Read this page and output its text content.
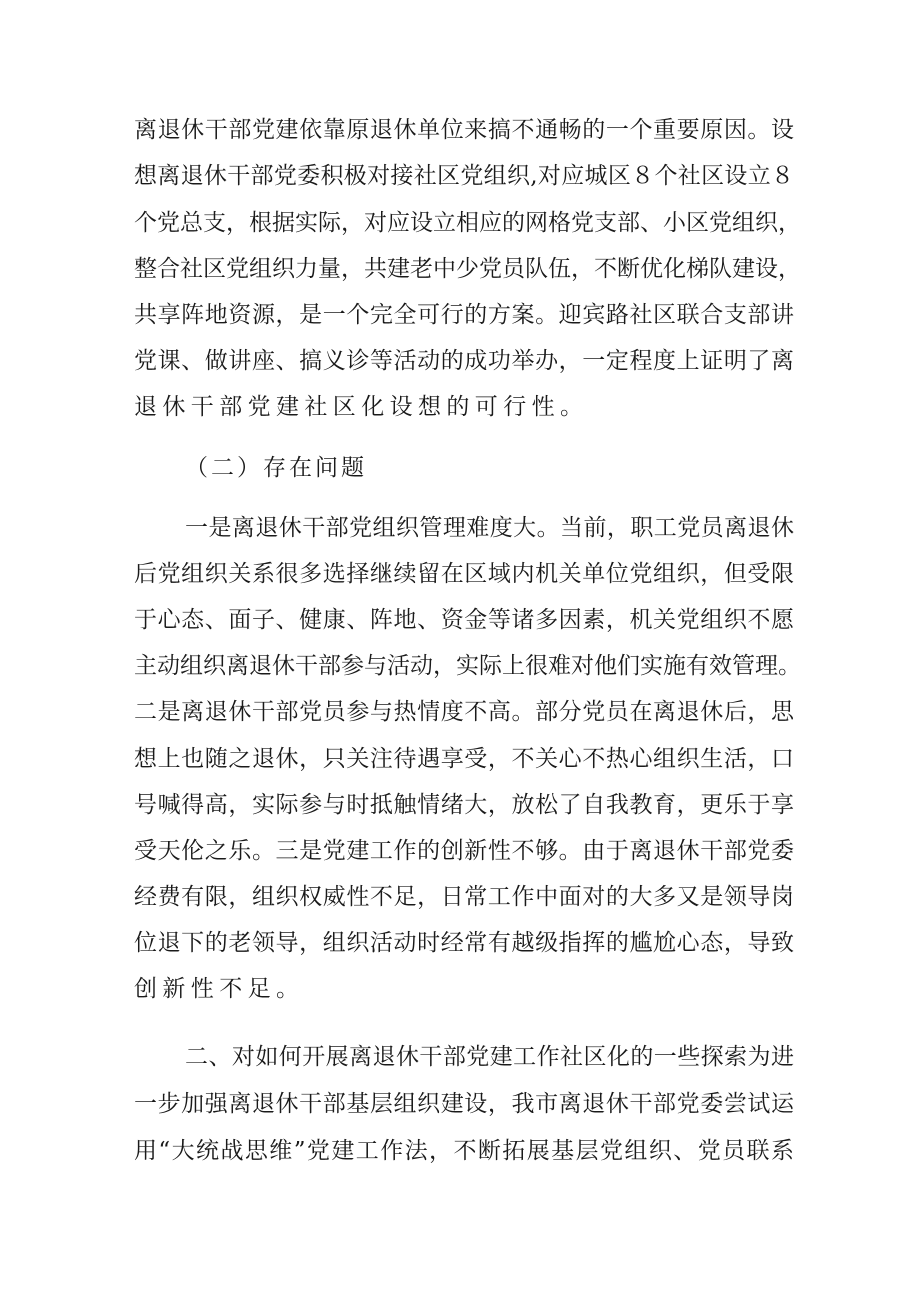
离退休干部党建依靠原退休单位来搞不通畅的一个重要原因。设
想离退休干部党委积极对接社区党组织,对应城区８个社区设立８
个党总支，根据实际，对应设立相应的网格党支部、小区党组织，
整合社区党组织力量，共建老中少党员队伍，不断优化梯队建设，
共享阵地资源，是一个完全可行的方案。迎宾路社区联合支部讲
党课、做讲座、搞义诊等活动的成功举办，一定程度上证明了离
退休干部党建社区化设想的可行性。
（二）存在问题
一是离退休干部党组织管理难度大。当前，职工党员离退休
后党组织关系很多选择继续留在区域内机关单位党组织，但受限
于心态、面子、健康、阵地、资金等诸多因素，机关党组织不愿
主动组织离退休干部参与活动，实际上很难对他们实施有效管理。
二是离退休干部党员参与热情度不高。部分党员在离退休后，思
想上也随之退休，只关注待遇享受，不关心不热心组织生活，口
号喊得高，实际参与时抵触情绪大，放松了自我教育，更乐于享
受天伦之乐。三是党建工作的创新性不够。由于离退休干部党委
经费有限，组织权威性不足，日常工作中面对的大多又是领导岗
位退下的老领导，组织活动时经常有越级指挥的尴尬心态，导致
创新性不足。
二、对如何开展离退休干部党建工作社区化的一些探索为进
一步加强离退休干部基层组织建设，我市离退休干部党委尝试运
用“大统战思维”党建工作法，不断拓展基层党组织、党员联系
